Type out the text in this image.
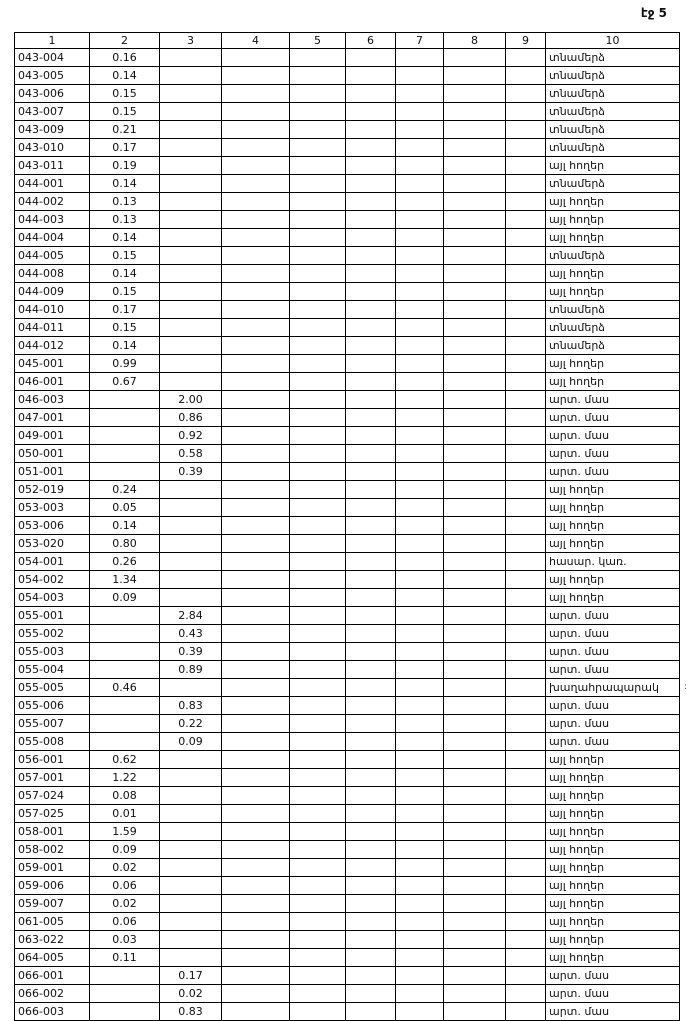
էջ 5
:
1	2	3	4	5	6	7	8	9	10
043-004	0.16								տնամերձ
043-005	0.14								տնամերձ
043-006	0.15								տնամերձ
043-007	0.15								տնամերձ
043-009	0.21								տնամերձ
043-010	0.17								տնամերձ
043-011	0.19								այլ հողեր
044-001	0.14								տնամերձ
044-002	0.13								այլ հողեր
044-003	0.13								այլ հողեր
044-004	0.14								այլ հողեր
044-005	0.15								տնամերձ
044-008	0.14								այլ հողեր
044-009	0.15								այլ հողեր
044-010	0.17								տնամերձ
044-011	0.15								տնամերձ
044-012	0.14								տնամերձ
045-001	0.99								այլ հողեր
046-001	0.67								այլ հողեր
046-003		2.00							արտ. մաս
047-001		0.86							արտ. մաս
049-001		0.92							արտ. մաս
050-001		0.58							արտ. մաս
051-001		0.39							արտ. մաս
052-019	0.24								այլ հողեր
053-003	0.05								այլ հողեր
053-006	0.14								այլ հողեր
053-020	0.80								այլ հողեր
054-001	0.26								հասար. կառ.
054-002	1.34								այլ հողեր
054-003	0.09								այլ հողեր
055-001		2.84							արտ. մաս
055-002		0.43							արտ. մաս
055-003		0.39							արտ. մաս
055-004		0.89							արտ. մաս
055-005	0.46								խաղահրապարակ
055-006		0.83							արտ. մաս
055-007		0.22							արտ. մաս
055-008		0.09							արտ. մաս
056-001	0.62								այլ հողեր
057-001	1.22								այլ հողեր
057-024	0.08								այլ հողեր
057-025	0.01								այլ հողեր
058-001	1.59								այլ հողեր
058-002	0.09								այլ հողեր
059-001	0.02								այլ հողեր
059-006	0.06								այլ հողեր
059-007	0.02								այլ հողեր
061-005	0.06								այլ հողեր
063-022	0.03								այլ հողեր
064-005	0.11								այլ հողեր
066-001		0.17							արտ. մաս
066-002		0.02							արտ. մաս
066-003		0.83							արտ. մաս
